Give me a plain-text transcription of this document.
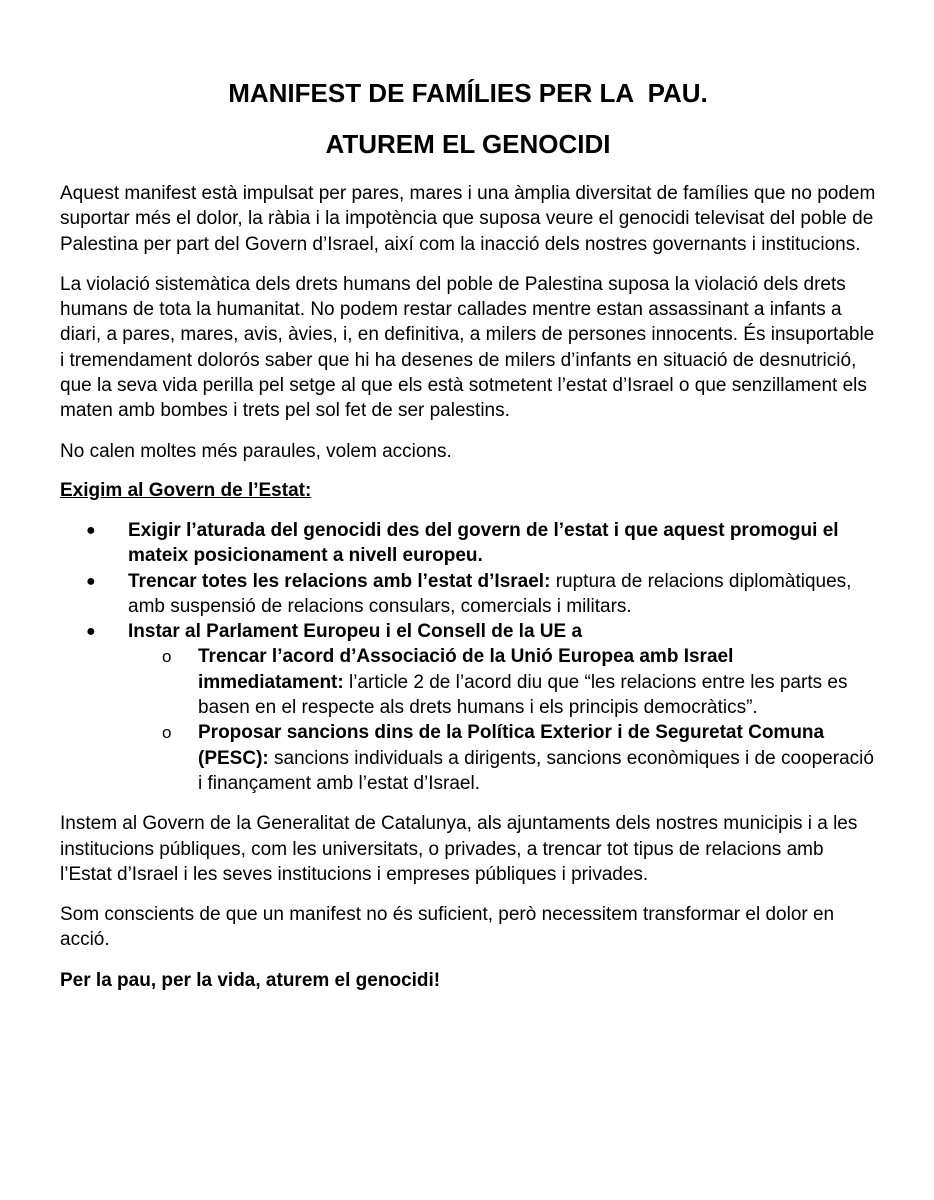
MANIFEST DE FAMÍLIES PER LA  PAU.
ATUREM EL GENOCIDI

Aquest manifest està impulsat per pares, mares i una àmplia diversitat de famílies que no podem suportar més el dolor, la ràbia i la impotència que suposa veure el genocidi televisat del poble de Palestina per part del Govern d’Israel, així com la inacció dels nostres governants i institucions.

La violació sistemàtica dels drets humans del poble de Palestina suposa la violació dels drets humans de tota la humanitat. No podem restar callades mentre estan assassinant a infants a diari, a pares, mares, avis, àvies, i, en definitiva, a milers de persones innocents. És insuportable i tremendament dolorós saber que hi ha desenes de milers d’infants en situació de desnutrició, que la seva vida perilla pel setge al que els està sotmetent l’estat d’Israel o que senzillament els maten amb bombes i trets pel sol fet de ser palestins.

No calen moltes més paraules, volem accions.

Exigim al Govern de l’Estat:
● Exigir l’aturada del genocidi des del govern de l’estat i que aquest promogui el mateix posicionament a nivell europeu.
● Trencar totes les relacions amb l’estat d’Israel: ruptura de relacions diplomàtiques, amb suspensió de relacions consulars, comercials i militars.
● Instar al Parlament Europeu i el Consell de la UE a
o Trencar l’acord d’Associació de la Unió Europea amb Israel immediatament: l’article 2 de l’acord diu que “les relacions entre les parts es basen en el respecte als drets humans i els principis democràtics”.
o Proposar sancions dins de la Política Exterior i de Seguretat Comuna (PESC): sancions individuals a dirigents, sancions econòmiques i de cooperació i finançament amb l’estat d’Israel.

Instem al Govern de la Generalitat de Catalunya, als ajuntaments dels nostres municipis i a les institucions públiques, com les universitats, o privades, a trencar tot tipus de relacions amb l’Estat d’Israel i les seves institucions i empreses públiques i privades.

Som conscients de que un manifest no és suficient, però necessitem transformar el dolor en acció.

Per la pau, per la vida, aturem el genocidi!
